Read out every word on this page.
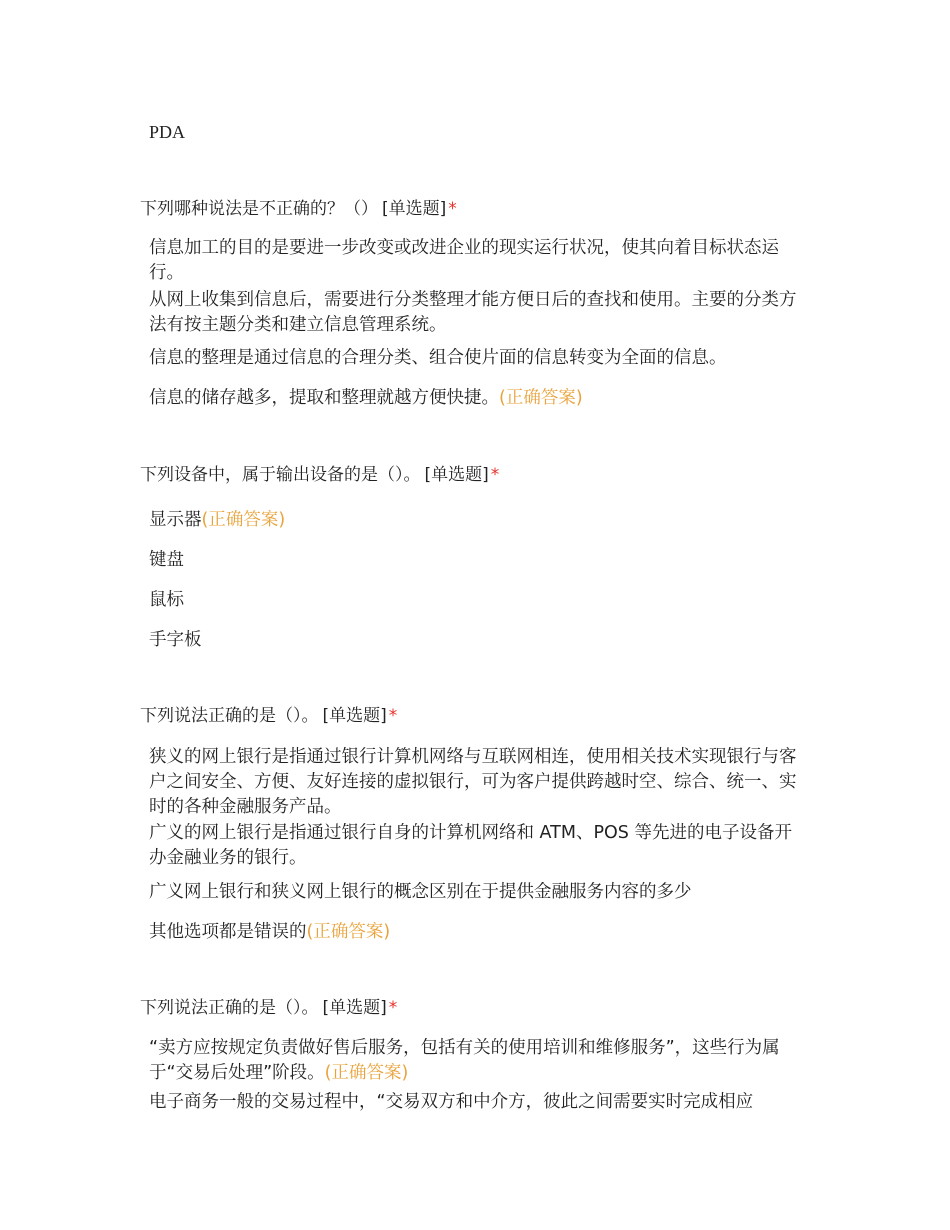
PDA
下列哪种说法是不正确的？（） [单选题] *
信息加工的目的是要进一步改变或改进企业的现实运行状况，使其向着目标状态运行。
从网上收集到信息后，需要进行分类整理才能方便日后的查找和使用。主要的分类方法有按主题分类和建立信息管理系统。
信息的整理是通过信息的合理分类、组合使片面的信息转变为全面的信息。
信息的储存越多，提取和整理就越方便快捷。(正确答案)
下列设备中，属于输出设备的是（）。 [单选题] *
显示器(正确答案)
键盘
鼠标
手字板
下列说法正确的是（）。 [单选题] *
狭义的网上银行是指通过银行计算机网络与互联网相连，使用相关技术实现银行与客户之间安全、方便、友好连接的虚拟银行，可为客户提供跨越时空、综合、统一、实时的各种金融服务产品。
广义的网上银行是指通过银行自身的计算机网络和 ATM、POS 等先进的电子设备开办金融业务的银行。
广义网上银行和狭义网上银行的概念区别在于提供金融服务内容的多少
其他选项都是错误的(正确答案)
下列说法正确的是（）。 [单选题] *
“卖方应按规定负责做好售后服务，包括有关的使用培训和维修服务”，这些行为属于“交易后处理”阶段。(正确答案)
电子商务一般的交易过程中，“交易双方和中介方，彼此之间需要实时完成相应
